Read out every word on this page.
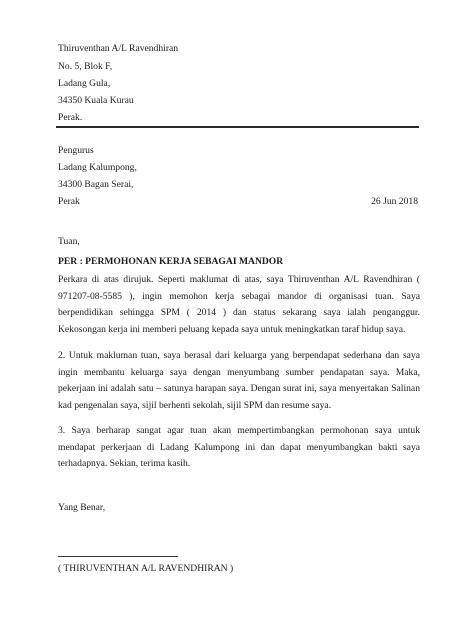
Thiruventhan A/L Ravendhiran
No. 5, Blok F,
Ladang Gula,
34350 Kuala Kurau
Perak.
Pengurus
Ladang Kalumpong,
34300 Bagan Serai,
Perak	26 Jun 2018
Tuan,
PER : PERMOHONAN KERJA SEBAGAI MANDOR
Perkara di atas dirujuk. Seperti maklumat di atas, saya Thiruventhan A/L Ravendhiran ( 971207-08-5585 ), ingin memohon kerja sebagai mandor di organisasi tuan. Saya berpendidikan sehingga SPM ( 2014 ) dan status sekarang saya ialah penganggur. Kekosongan kerja ini memberi peluang kepada saya untuk meningkatkan taraf hidup saya.
2. Untuk makluman tuan, saya berasal dari keluarga yang berpendapat sederhana dan saya ingin membantu keluarga saya dengan menyumbang sumber pendapatan saya. Maka, pekerjaan ini adalah satu – satunya harapan saya. Dengan surat ini, saya menyertakan Salinan kad pengenalan saya, sijil berhenti sekolah, sijil SPM dan resume saya.
3. Saya berharap sangat agar tuan akan mempertimbangkan permohonan saya untuk mendapat perkerjaan di Ladang Kalumpong ini dan dapat menyumbangkan bakti saya terhadapnya. Sekian, terima kasih.
Yang Benar,
( THIRUVENTHAN A/L RAVENDHIRAN )
